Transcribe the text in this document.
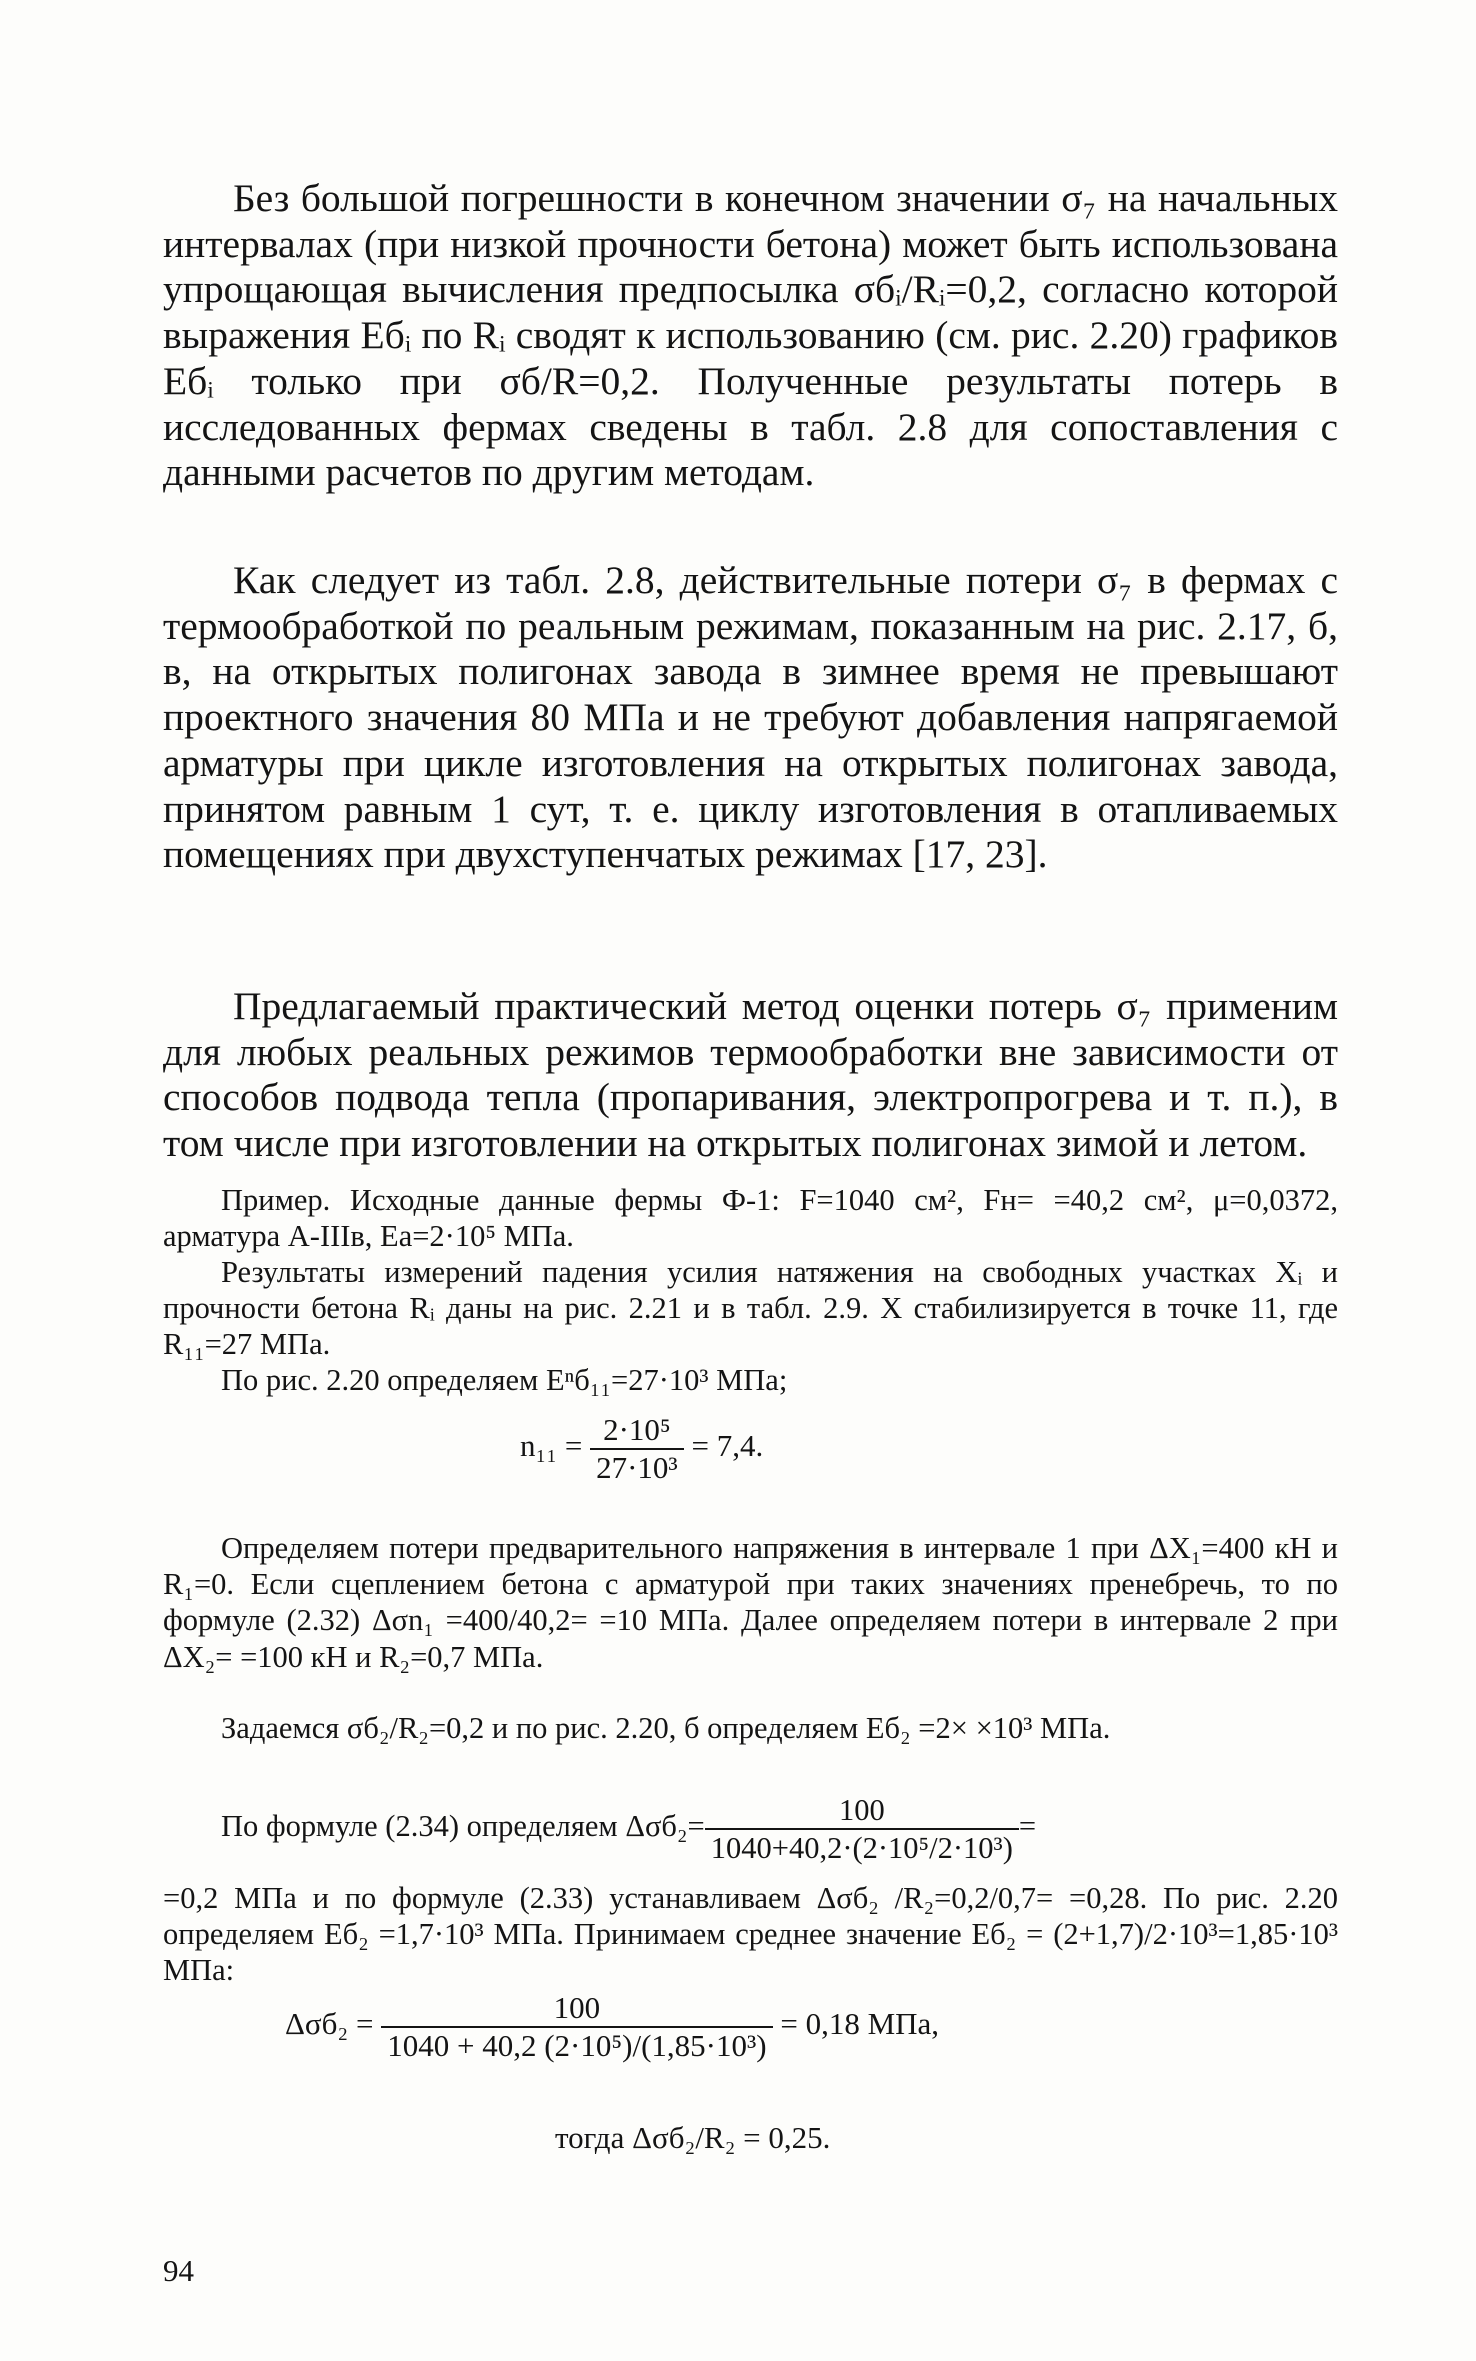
Без большой погрешности в конечном значении σ₇ на начальных интервалах (при низкой прочности бетона) может быть использована упрощающая вычисления предпосылка σбᵢ/Rᵢ=0,2, согласно которой выражения Eбᵢ по Rᵢ сводят к использованию (см. рис. 2.20) графиков Eбᵢ только при σб/R=0,2. Полученные результаты потерь в исследованных фермах сведены в табл. 2.8 для сопоставления с данными расчетов по другим методам.

Как следует из табл. 2.8, действительные потери σ₇ в фермах с термообработкой по реальным режимам, показанным на рис. 2.17, б, в, на открытых полигонах завода в зимнее время не превышают проектного значения 80 МПа и не требуют добавления напрягаемой арматуры при цикле изготовления на открытых полигонах завода, принятом равным 1 сут, т. е. циклу изготовления в отапливаемых помещениях при двухступенчатых режимах [17, 23].

Предлагаемый практический метод оценки потерь σ₇ применим для любых реальных режимов термообработки вне зависимости от способов подвода тепла (пропаривания, электропрогрева и т. п.), в том числе при изготовлении на открытых полигонах зимой и летом.

Пример. Исходные данные фермы Ф-1: F=1040 см², Fн= =40,2 см², μ=0,0372, арматура А-IIIв, Eа=2·10⁵ МПа.

Результаты измерений падения усилия натяжения на свободных участках Xᵢ и прочности бетона Rᵢ даны на рис. 2.21 и в табл. 2.9. X стабилизируется в точке 11, где R₁₁=27 МПа.

По рис. 2.20 определяем Eⁿб₁₁=27·10³ МПа;

$n_{11} = \frac{\text{2·10⁵}}{\text{27·10³}} = 7,4$.

Определяем потери предварительного напряжения в интервале 1 при ΔX₁=400 кН и R₁=0. Если сцеплением бетона с арматурой при таких значениях пренебречь, то по формуле (2.32) Δσn₁ =400/40,2= =10 МПа. Далее определяем потери в интервале 2 при ΔX₂= =100 кН и R₂=0,7 МПа.

Задаемся σб₂/R₂=0,2 и по рис. 2.20, б определяем Eб₂ =2× ×10³ МПа.

По формуле (2.34) определяем $\Delta\sigma б_2= \frac{100}{\text{1040+40,2·(2·10⁵/2·10³)}}$ =

=0,2 МПа и по формуле (2.33) устанавливаем Δσб₂ /R₂=0,2/0,7= =0,28. По рис. 2.20 определяем Eб₂ =1,7·10³ МПа. Принимаем среднее значение Eб₂ = (2+1,7)/2·10³=1,85·10³ МПа:

$\Delta\sigma б_2 = \frac{100}{\text{1040 + 40,2 (2·10⁵)/(1,85·10³)}} = 0,18$ МПа,
тогда Δσб₂/R₂ = 0,25.
94
